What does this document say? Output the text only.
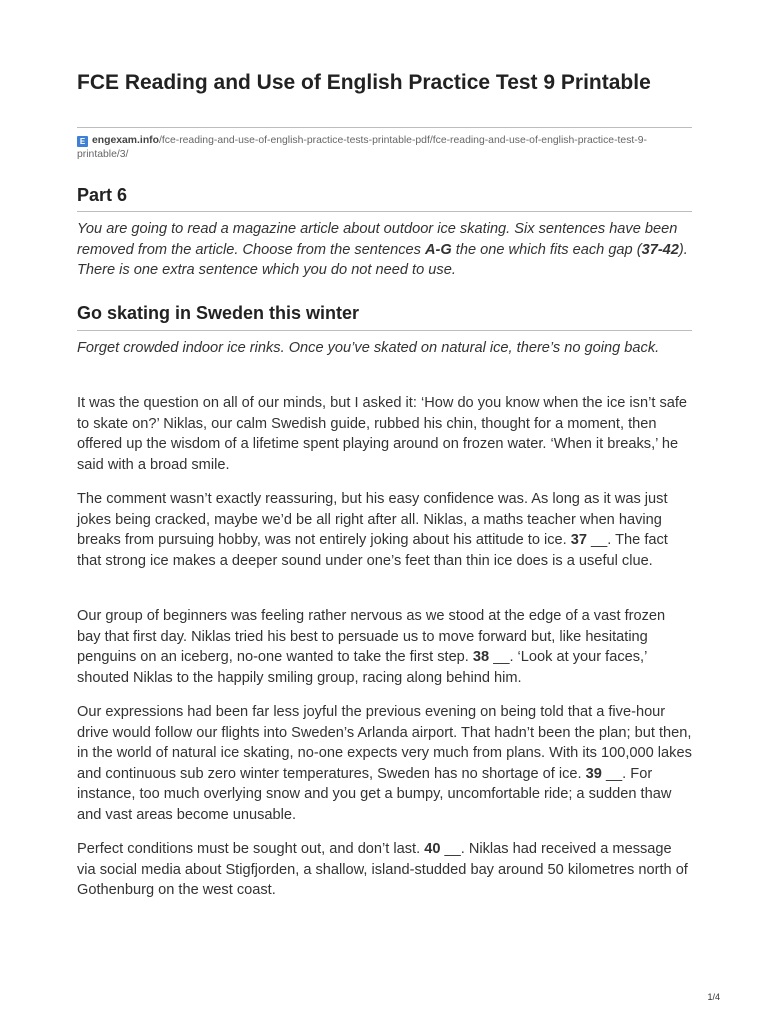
FCE Reading and Use of English Practice Test 9 Printable
E engexam.info/fce-reading-and-use-of-english-practice-tests-printable-pdf/fce-reading-and-use-of-english-practice-test-9-printable/3/
Part 6

You are going to read a magazine article about outdoor ice skating. Six sentences have been removed from the article. Choose from the sentences A-G the one which fits each gap (37-42). There is one extra sentence which you do not need to use.

Go skating in Sweden this winter

Forget crowded indoor ice rinks. Once you’ve skated on natural ice, there’s no going back.

It was the question on all of our minds, but I asked it: ‘How do you know when the ice isn’t safe to skate on?’ Niklas, our calm Swedish guide, rubbed his chin, thought for a moment, then offered up the wisdom of a lifetime spent playing around on frozen water. ‘When it breaks,’ he said with a broad smile.

The comment wasn’t exactly reassuring, but his easy confidence was. As long as it was just jokes being cracked, maybe we’d be all right after all. Niklas, a maths teacher when having breaks from pursuing hobby, was not entirely joking about his attitude to ice. 37 __. The fact that strong ice makes a deeper sound under one’s feet than thin ice does is a useful clue.

Our group of beginners was feeling rather nervous as we stood at the edge of a vast frozen bay that first day. Niklas tried his best to persuade us to move forward but, like hesitating penguins on an iceberg, no-one wanted to take the first step. 38 __. ‘Look at your faces,’ shouted Niklas to the happily smiling group, racing along behind him.

Our expressions had been far less joyful the previous evening on being told that a five-hour drive would follow our flights into Sweden’s Arlanda airport. That hadn’t been the plan; but then, in the world of natural ice skating, no-one expects very much from plans. With its 100,000 lakes and continuous sub zero winter temperatures, Sweden has no shortage of ice. 39 __. For instance, too much overlying snow and you get a bumpy, uncomfortable ride; a sudden thaw and vast areas become unusable.

Perfect conditions must be sought out, and don’t last. 40 __. Niklas had received a message via social media about Stigfjorden, a shallow, island-studded bay around 50 kilometres north of Gothenburg on the west coast.

1/4
